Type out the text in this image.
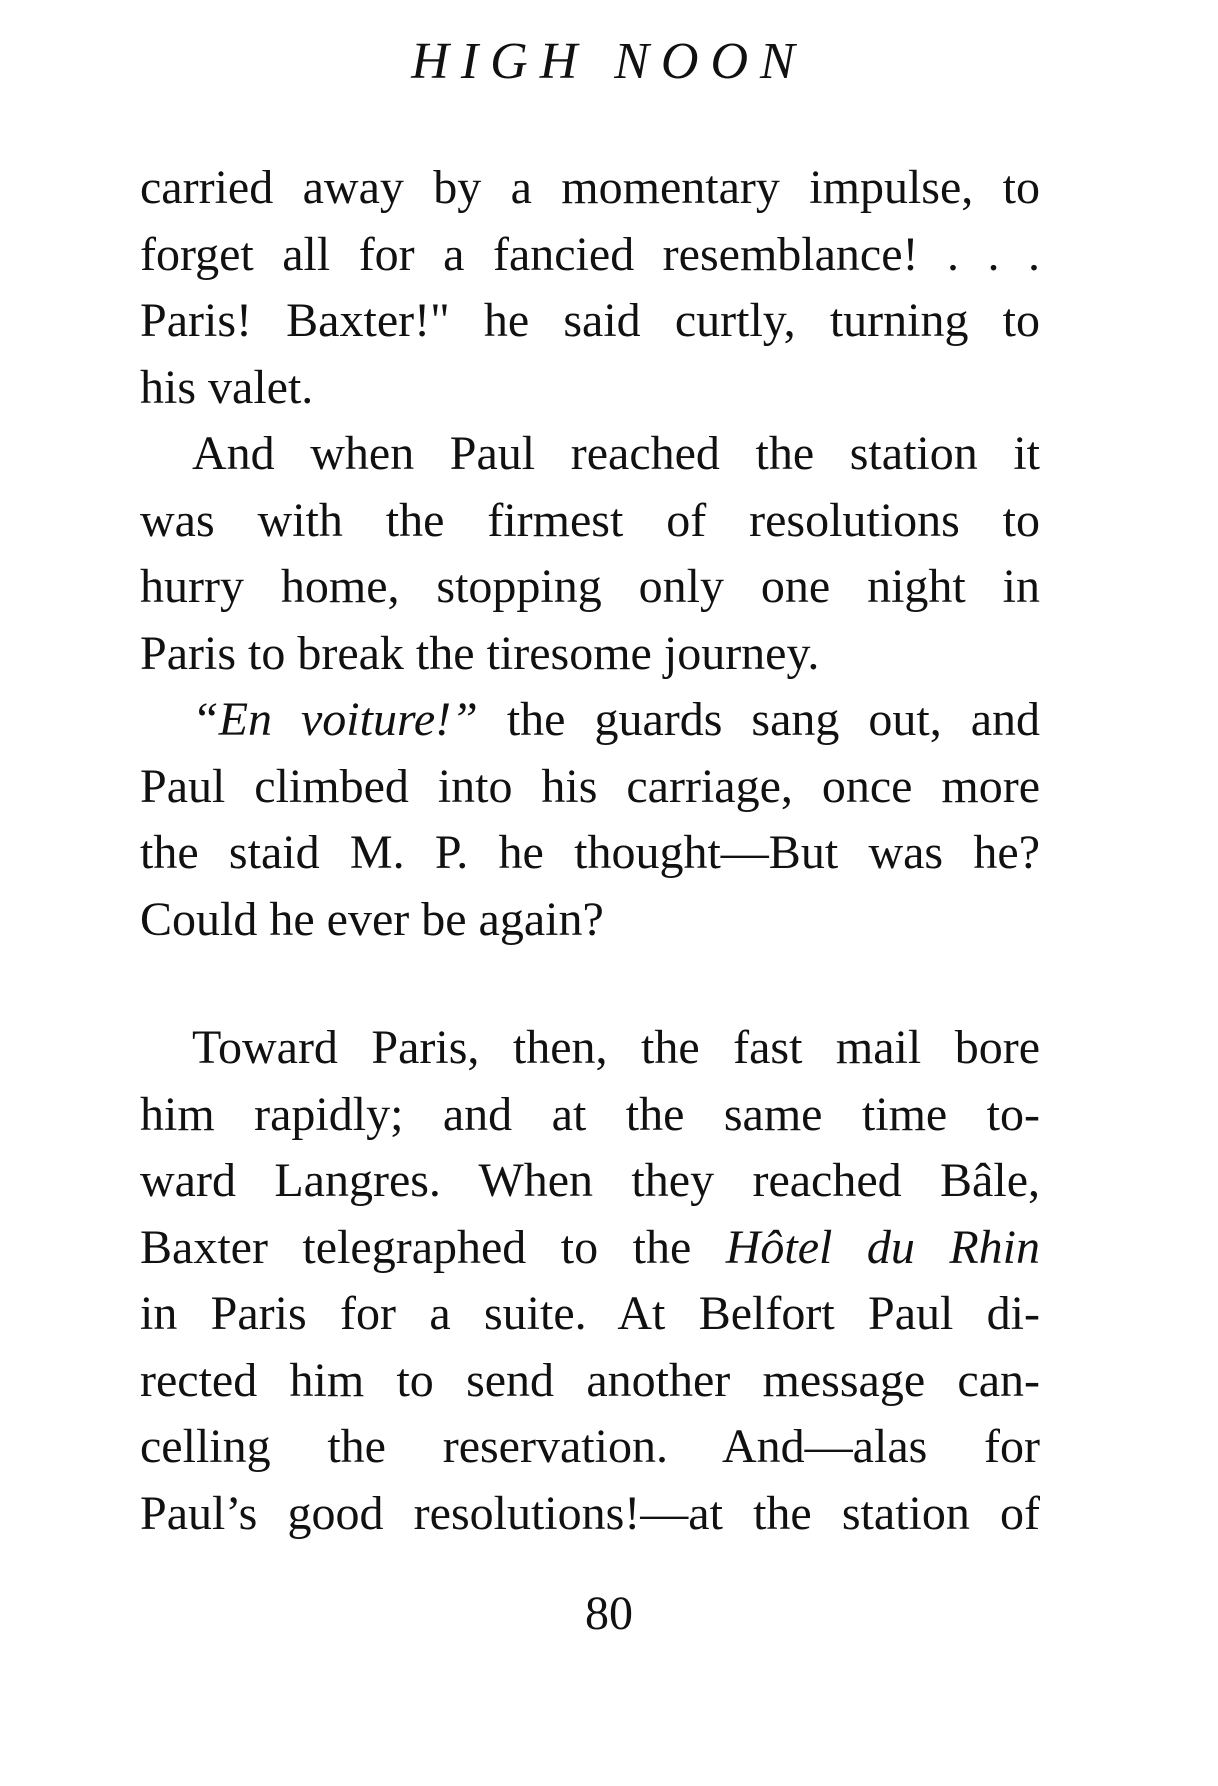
HIGH NOON
carried away by a momentary impulse, to
forget all for a fancied resemblance! . . .
Paris! Baxter!" he said curtly, turning to
his valet.
And when Paul reached the station it
was with the firmest of resolutions to
hurry home, stopping only one night in
Paris to break the tiresome journey.
“En voiture!” the guards sang out, and
Paul climbed into his carriage, once more
the staid M. P. he thought—But was he?
Could he ever be again?
Toward Paris, then, the fast mail bore
him rapidly; and at the same time to-
ward Langres. When they reached Bâle,
Baxter telegraphed to the Hôtel du Rhin
in Paris for a suite. At Belfort Paul di-
rected him to send another message can-
celling the reservation. And—alas for
Paul’s good resolutions!—at the station of
80
